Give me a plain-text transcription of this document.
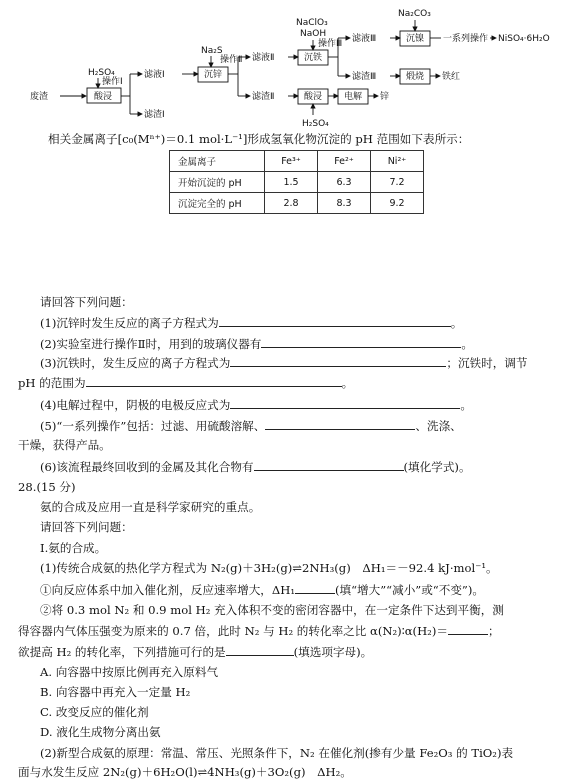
废渣
H₂SO₄
酸浸
操作Ⅰ
滤液Ⅰ
滤渣Ⅰ
Na₂S
沉锌
操作Ⅱ 滤液Ⅱ
滤渣Ⅱ
NaClO₃
NaOH
沉铁
操作Ⅲ 滤液Ⅲ
滤渣Ⅲ
Na₂CO₃
沉镍 一系列操作 NiSO₄·6H₂O
煅烧 铁红
酸浸
H₂SO₄
电解 锌
相关金属离子[c₀(Mⁿ⁺)＝0.1 mol·L⁻¹]形成氢氧化物沉淀的 pH 范围如下表所示：
金属离子	Fe³⁺	Fe²⁺	Ni²⁺
开始沉淀的 pH	1.5	6.3	7.2
沉淀完全的 pH	2.8	8.3	9.2
请回答下列问题：
(1)沉锌时发生反应的离子方程式为	。
(2)实验室进行操作Ⅱ时，用到的玻璃仪器有	。
(3)沉铁时，发生反应的离子方程式为	；沉铁时，调节
pH 的范围为	。
(4)电解过程中，阴极的电极反应式为	。
(5)“一系列操作”包括：过滤、用硫酸溶解、	、洗涤、
干燥，获得产品。
(6)该流程最终回收到的金属及其化合物有	(填化学式)。
28.(15 分)
氨的合成及应用一直是科学家研究的重点。
请回答下列问题：
Ⅰ.氨的合成。
(1)传统合成氨的热化学方程式为 N₂(g)＋3H₂(g)⇌2NH₃(g)　ΔH₁＝－92.4 kJ·mol⁻¹。
①向反应体系中加入催化剂，反应速率增大，ΔH₁	(填“增大”“减小”或“不变”)。
②将 0.3 mol N₂ 和 0.9 mol H₂ 充入体积不变的密闭容器中，在一定条件下达到平衡，测
得容器内气体压强变为原来的 0.7 倍，此时 N₂ 与 H₂ 的转化率之比 α(N₂)∶α(H₂)＝	；
欲提高 H₂ 的转化率，下列措施可行的是	(填选项字母)。
A. 向容器中按原比例再充入原料气
B. 向容器中再充入一定量 H₂
C. 改变反应的催化剂
D. 液化生成物分离出氨
(2)新型合成氨的原理：常温、常压、光照条件下，N₂ 在催化剂(掺有少量 Fe₂O₃ 的 TiO₂)表
面与水发生反应 2N₂(g)＋6H₂O(l)⇌4NH₃(g)＋3O₂(g)　ΔH₂。
